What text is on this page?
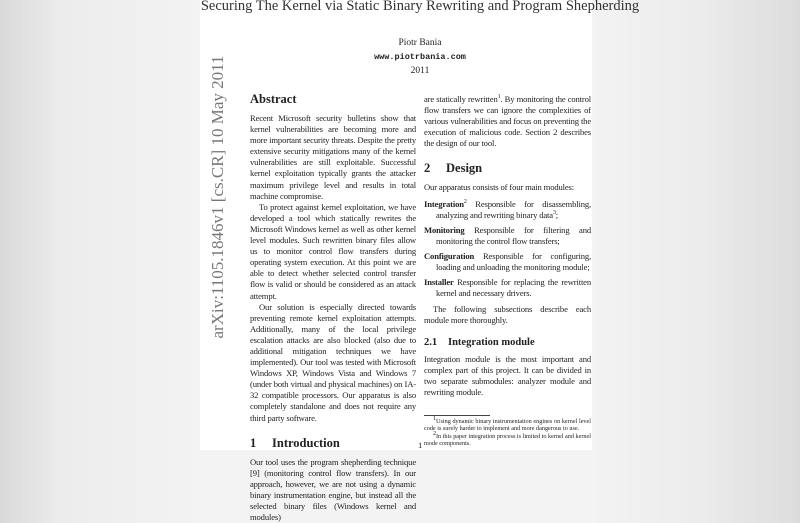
Securing The Kernel via Static Binary Rewriting and Program Shepherding
Piotr Bania
www.piotrbania.com
2011
arXiv:1105.1846v1 [cs.CR] 10 May 2011 Abstract

Recent Microsoft security bulletins show that kernel vulnerabilities are becoming more and more important security threats. Despite the pretty extensive security mitigations many of the kernel vulnerabilities are still exploitable. Successful kernel exploitation typically grants the attacker maximum privilege level and results in total machine compromise.

To protect against kernel exploitation, we have developed a tool which statically rewrites the Microsoft Windows kernel as well as other kernel level modules. Such rewritten binary files allow us to monitor control flow transfers during operating system execution. At this point we are able to detect whether selected control transfer flow is valid or should be considered as an attack attempt.

Our solution is especially directed towards preventing remote kernel exploitation attempts. Additionally, many of the local privilege escalation attacks are also blocked (also due to additional mitigation techniques we have implemented). Our tool was tested with Microsoft Windows XP, Windows Vista and Windows 7 (under both virtual and physical machines) on IA-32 compatible processors. Our apparatus is also completely standalone and does not require any third party software.

1 Introduction

Our tool uses the program shepherding technique [9] (monitoring control flow transfers). In our approach, however, we are not using a dynamic binary instrumentation engine, but instead all the selected binary files (Windows kernel and modules)

are statically rewritten$^1$. By monitoring the control flow transfers we can ignore the complexities of various vulnerabilities and focus on preventing the execution of malicious code. Section 2 describes the design of our tool.

2 Design

Our apparatus consists of four main modules:

Integration$^2$ Responsible for disassembling, analyzing and rewriting binary data$^3$;

Monitoring Responsible for filtering and monitoring the control flow transfers;

Configuration Responsible for configuring, loading and unloading the monitoring module;

Installer Responsible for replacing the rewritten kernel and necessary drivers.

The following subsections describe each module more thoroughly.

2.1 Integration module

Integration module is the most important and complex part of this project. It can be divided in two separate submodules: analyzer module and rewriting module.

$^1$Using dynamic binary instrumentation engines on kernel level code is surely harder to implement and more dangerous to use.

$^2$In this paper integration process is limited to kernel and kernel mode components.

1
